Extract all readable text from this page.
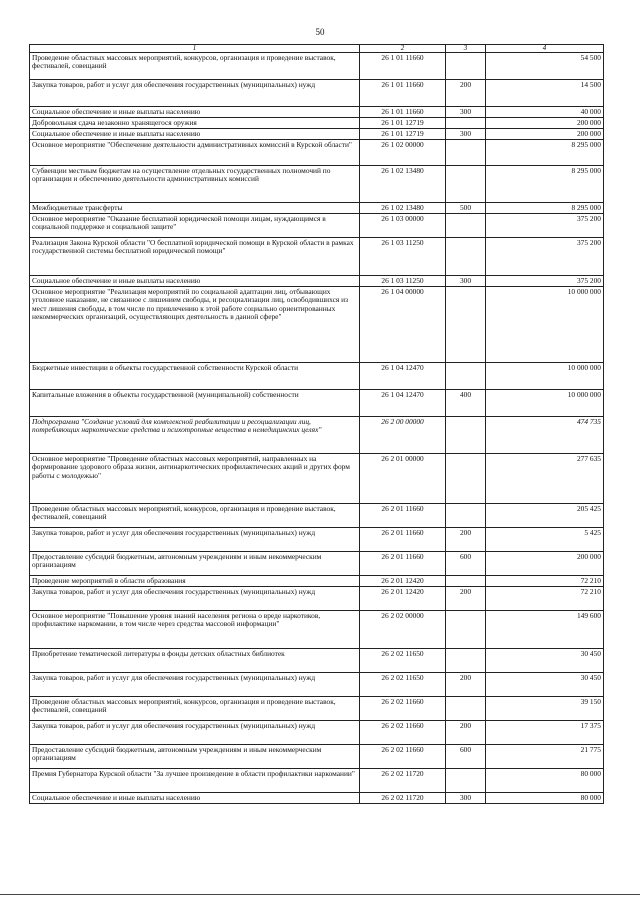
50
1	2	3	4
Проведение областных массовых мероприятий, конкурсов, организация и проведение выставок, фестивалей, совещаний	26 1 01 11660		54 500
Закупка товаров, работ и услуг для обеспечения государственных (муниципальных) нужд	26 1 01 11660	200	14 500
Социальное обеспечение и иные выплаты населению	26 1 01 11660	300	40 000
Добровольная сдача незаконно хранящегося оружия	26 1 01 12719		200 000
Социальное обеспечение и иные выплаты населению	26 1 01 12719	300	200 000
Основное мероприятие "Обеспечение деятельности административных комиссий в Курской области"	26 1 02 00000		8 295 000
Субвенции местным бюджетам на осуществление отдельных государственных полномочий по организации и обеспечению деятельности административных комиссий	26 1 02 13480		8 295 000
Межбюджетные трансферты	26 1 02 13480	500	8 295 000
Основное мероприятие "Оказание бесплатной юридической помощи лицам, нуждающимся в социальной поддержке и социальной защите"	26 1 03 00000		375 200
Реализация Закона Курской области "О бесплатной юридической помощи в Курской области в рамках государственной системы бесплатной юридической помощи"	26 1 03 11250		375 200
Социальное обеспечение и иные выплаты населению	26 1 03 11250	300	375 200
Основное мероприятие "Реализация мероприятий по социальной адаптации лиц, отбывающих уголовное наказание, не связанное с лишением свободы, и ресоциализации лиц, освободившихся из мест лишения свободы, в том числе по привлечению к этой работе социально ориентированных некоммерческих организаций, осуществляющих деятельность в данной сфере"	26 1 04 00000		10 000 000
Бюджетные инвестиции в объекты государственной собственности Курской области	26 1 04 12470		10 000 000
Капитальные вложения в объекты государственной (муниципальной) собственности	26 1 04 12470	400	10 000 000
Подпрограмма "Создание условий для комплексной реабилитации и ресоциализации лиц, потребляющих наркотические средства и психотропные вещества в немедицинских целях"	26 2 00 00000		474 735
Основное мероприятие "Проведение областных массовых мероприятий, направленных на формирование здорового образа жизни, антинаркотических профилактических акций и других форм работы с молодежью"	26 2 01 00000		277 635
Проведение областных массовых мероприятий, конкурсов, организация и проведение выставок, фестивалей, совещаний	26 2 01 11660		205 425
Закупка товаров, работ и услуг для обеспечения государственных (муниципальных) нужд	26 2 01 11660	200	5 425
Предоставление субсидий бюджетным, автономным учреждениям и иным некоммерческим организациям	26 2 01 11660	600	200 000
Проведение мероприятий в области образования	26 2 01 12420		72 210
Закупка товаров, работ и услуг для обеспечения государственных (муниципальных) нужд	26 2 01 12420	200	72 210
Основное мероприятие "Повышение уровня знаний населения региона о вреде наркотиков, профилактике наркомании, в том числе через средства массовой информации"	26 2 02 00000		149 600
Приобретение тематической литературы в фонды детских областных библиотек	26 2 02 11650		30 450
Закупка товаров, работ и услуг для обеспечения государственных (муниципальных) нужд	26 2 02 11650	200	30 450
Проведение областных массовых мероприятий, конкурсов, организация и проведение выставок, фестивалей, совещаний	26 2 02 11660		39 150
Закупка товаров, работ и услуг для обеспечения государственных (муниципальных) нужд	26 2 02 11660	200	17 375
Предоставление субсидий бюджетным, автономным учреждениям и иным некоммерческим организациям	26 2 02 11660	600	21 775
Премия Губернатора Курской области "За лучшее произведение в области профилактики наркомании"	26 2 02 11720		80 000
Социальное обеспечение и иные выплаты населению	26 2 02 11720	300	80 000
